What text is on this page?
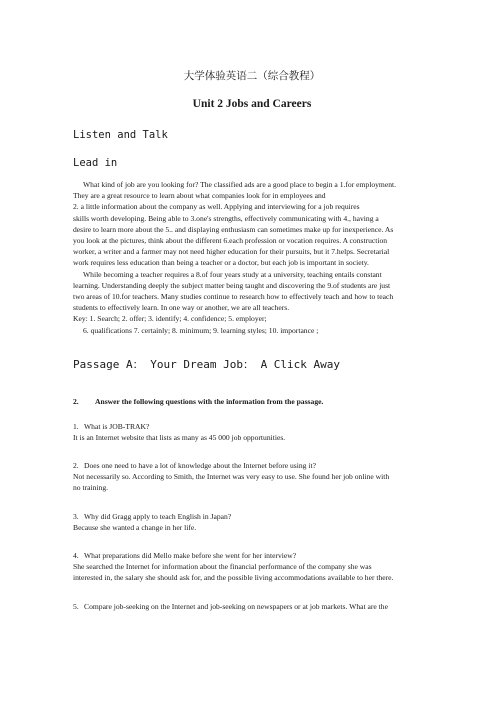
大学体验英语二（综合教程）
Unit 2 Jobs and Careers
Listen and Talk
Lead in
What kind of job are you looking for? The classified ads are a good place to begin a 1.for employment.
They are a great resource to learn about what companies look for in employees and
2. a little information about the company as well. Applying and interviewing for a job requires
skills worth developing. Being able to 3.one's strengths, effectively communicating with 4., having a
desire to learn more about the 5.. and displaying enthusiasm can sometimes make up for inexperience. As
you look at the pictures, think about the different 6.each profession or vocation requires. A construction
worker, a writer and a farmer may not need higher education for their pursuits, but it 7.helps. Secretarial
work requires less education than being a teacher or a doctor, but each job is important in society.
While becoming a teacher requires a 8.of four years study at a university, teaching entails constant
learning. Understanding deeply the subject matter being taught and discovering the 9.of students are just
two areas of 10.for teachers. Many studies continue to research how to effectively teach and how to teach
students to effectively learn. In one way or another, we are all teachers.
Key: 1. Search; 2. offer; 3. identify; 4. confidence; 5. employer;
6. qualifications 7. certainly; 8. minimum; 9. learning styles; 10. importance ;
Passage A： Your Dream Job： A Click Away
2. Answer the following questions with the information from the passage.
1. What is JOB-TRAK?
It is an Internet website that lists as many as 45 000 job opportunities.
2. Does one need to have a lot of knowledge about the Internet before using it?
Not necessarily so. According to Smith, the Internet was very easy to use. She found her job online with
no training.
3. Why did Gragg apply to teach English in Japan?
Because she wanted a change in her life.
4. What preparations did Mello make before she went for her interview?
She searched the Internet for information about the financial performance of the company she was
interested in, the salary she should ask for, and the possible living accommodations available to her there.
5. Compare job-seeking on the Internet and job-seeking on newspapers or at job markets. What are the
